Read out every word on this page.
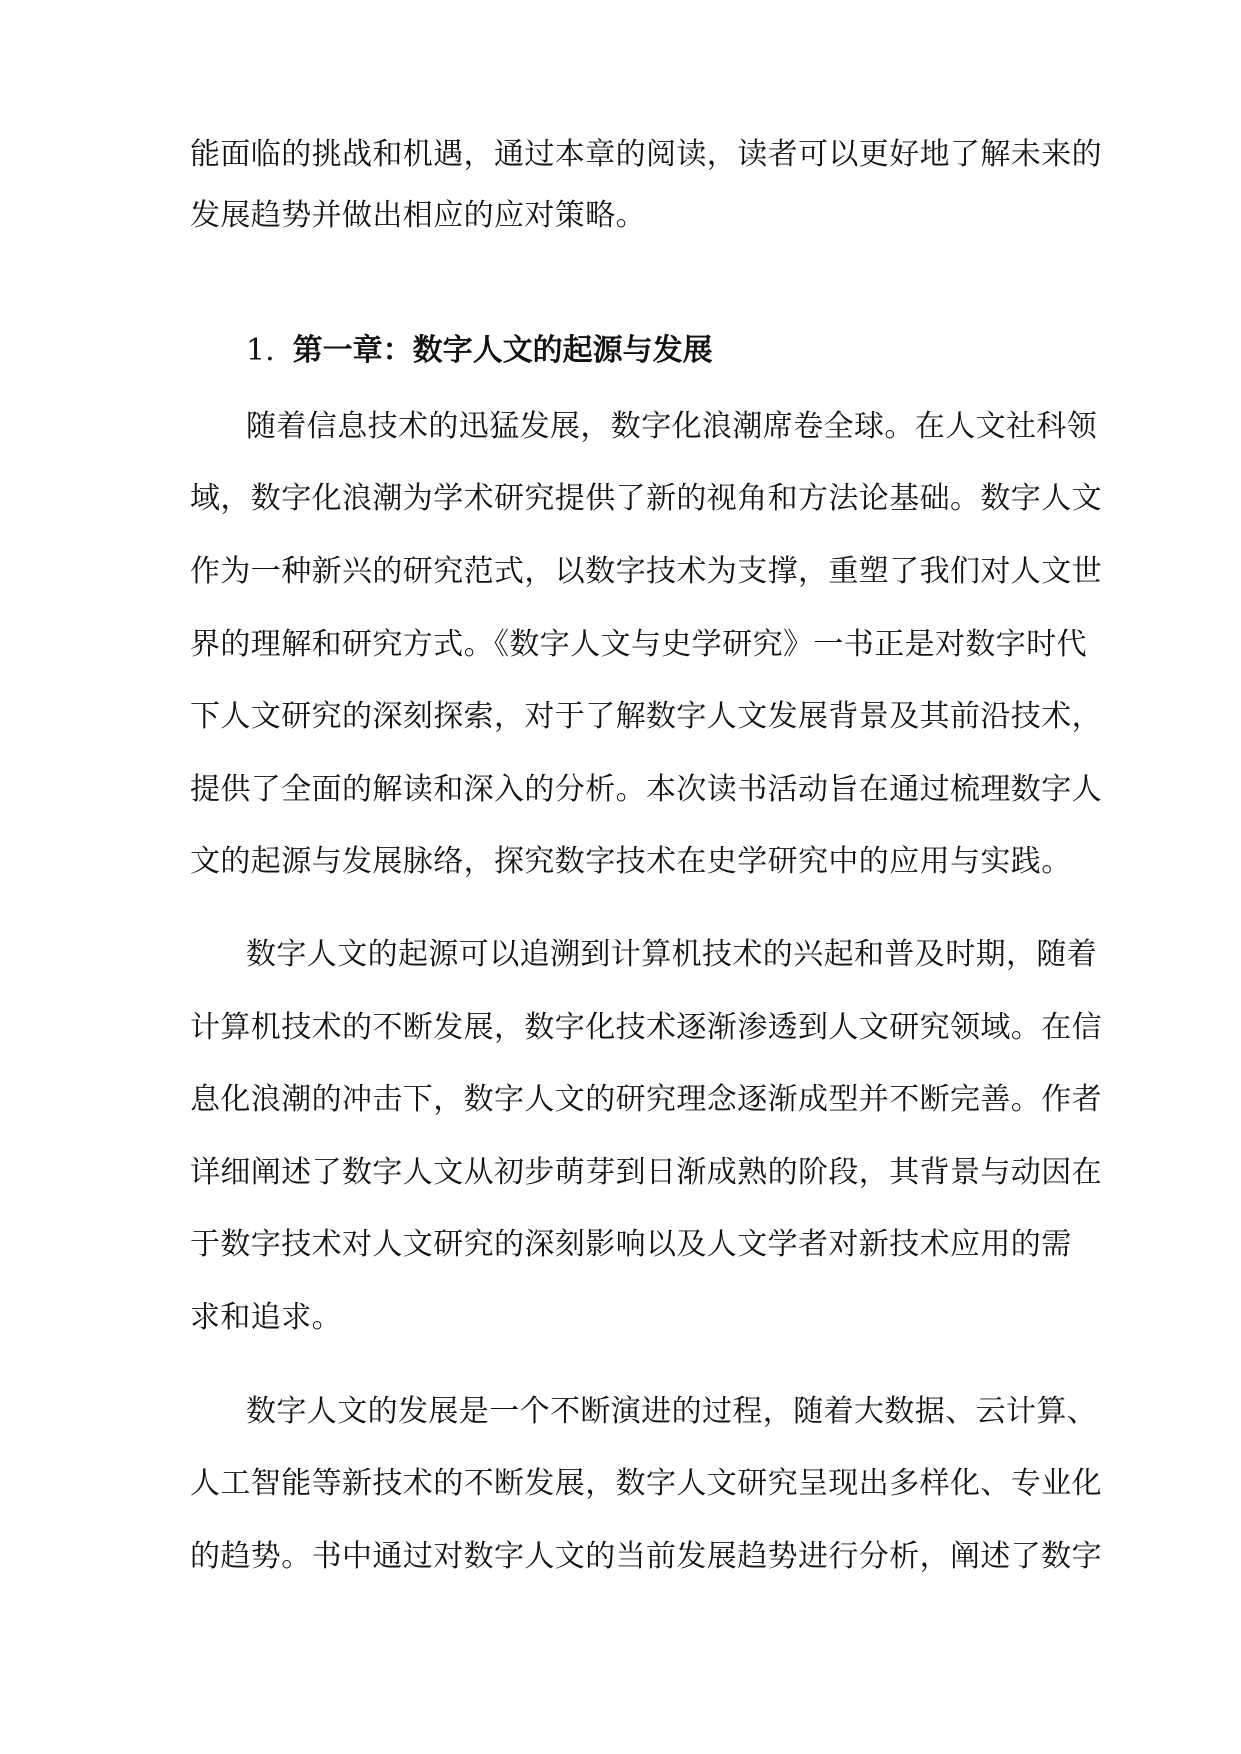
能面临的挑战和机遇，通过本章的阅读，读者可以更好地了解未来的
发展趋势并做出相应的应对策略。
1. 第一章：数字人文的起源与发展
随着信息技术的迅猛发展，数字化浪潮席卷全球。在人文社科领
域，数字化浪潮为学术研究提供了新的视角和方法论基础。数字人文
作为一种新兴的研究范式，以数字技术为支撑，重塑了我们对人文世
界的理解和研究方式。《数字人文与史学研究》一书正是对数字时代
下人文研究的深刻探索，对于了解数字人文发展背景及其前沿技术，
提供了全面的解读和深入的分析。本次读书活动旨在通过梳理数字人
文的起源与发展脉络，探究数字技术在史学研究中的应用与实践。
数字人文的起源可以追溯到计算机技术的兴起和普及时期，随着
计算机技术的不断发展，数字化技术逐渐渗透到人文研究领域。在信
息化浪潮的冲击下，数字人文的研究理念逐渐成型并不断完善。作者
详细阐述了数字人文从初步萌芽到日渐成熟的阶段，其背景与动因在
于数字技术对人文研究的深刻影响以及人文学者对新技术应用的需
求和追求。
数字人文的发展是一个不断演进的过程，随着大数据、云计算、
人工智能等新技术的不断发展，数字人文研究呈现出多样化、专业化
的趋势。书中通过对数字人文的当前发展趋势进行分析，阐述了数字
